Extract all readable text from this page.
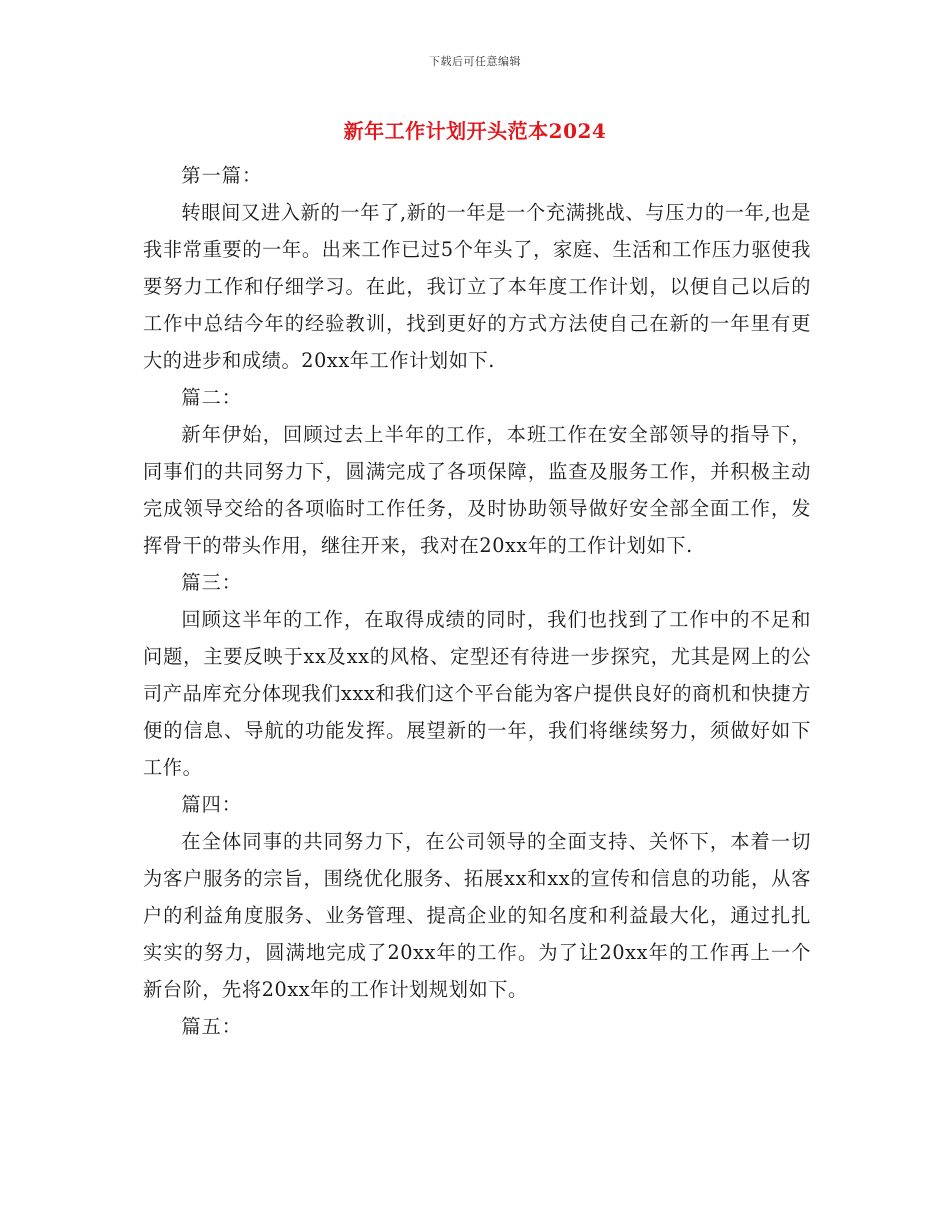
下载后可任意编辑
新年工作计划开头范本2024

第一篇：

转眼间又进入新的一年了,新的一年是一个充满挑战、与压力的一年,也是我非常重要的一年。出来工作已过5个年头了，家庭、生活和工作压力驱使我要努力工作和仔细学习。在此，我订立了本年度工作计划，以便自己以后的工作中总结今年的经验教训，找到更好的方式方法使自己在新的一年里有更大的进步和成绩。20xx年工作计划如下.

篇二：

新年伊始，回顾过去上半年的工作，本班工作在安全部领导的指导下，同事们的共同努力下，圆满完成了各项保障，监查及服务工作，并积极主动完成领导交给的各项临时工作任务，及时协助领导做好安全部全面工作，发挥骨干的带头作用，继往开来，我对在20xx年的工作计划如下.

篇三：

回顾这半年的工作，在取得成绩的同时，我们也找到了工作中的不足和问题，主要反映于xx及xx的风格、定型还有待进一步探究，尤其是网上的公司产品库充分体现我们xxx和我们这个平台能为客户提供良好的商机和快捷方便的信息、导航的功能发挥。展望新的一年，我们将继续努力，须做好如下工作。

篇四：

在全体同事的共同努力下，在公司领导的全面支持、关怀下，本着一切为客户服务的宗旨，围绕优化服务、拓展xx和xx的宣传和信息的功能，从客户的利益角度服务、业务管理、提高企业的知名度和利益最大化，通过扎扎实实的努力，圆满地完成了20xx年的工作。为了让20xx年的工作再上一个新台阶，先将20xx年的工作计划规划如下。

篇五：
